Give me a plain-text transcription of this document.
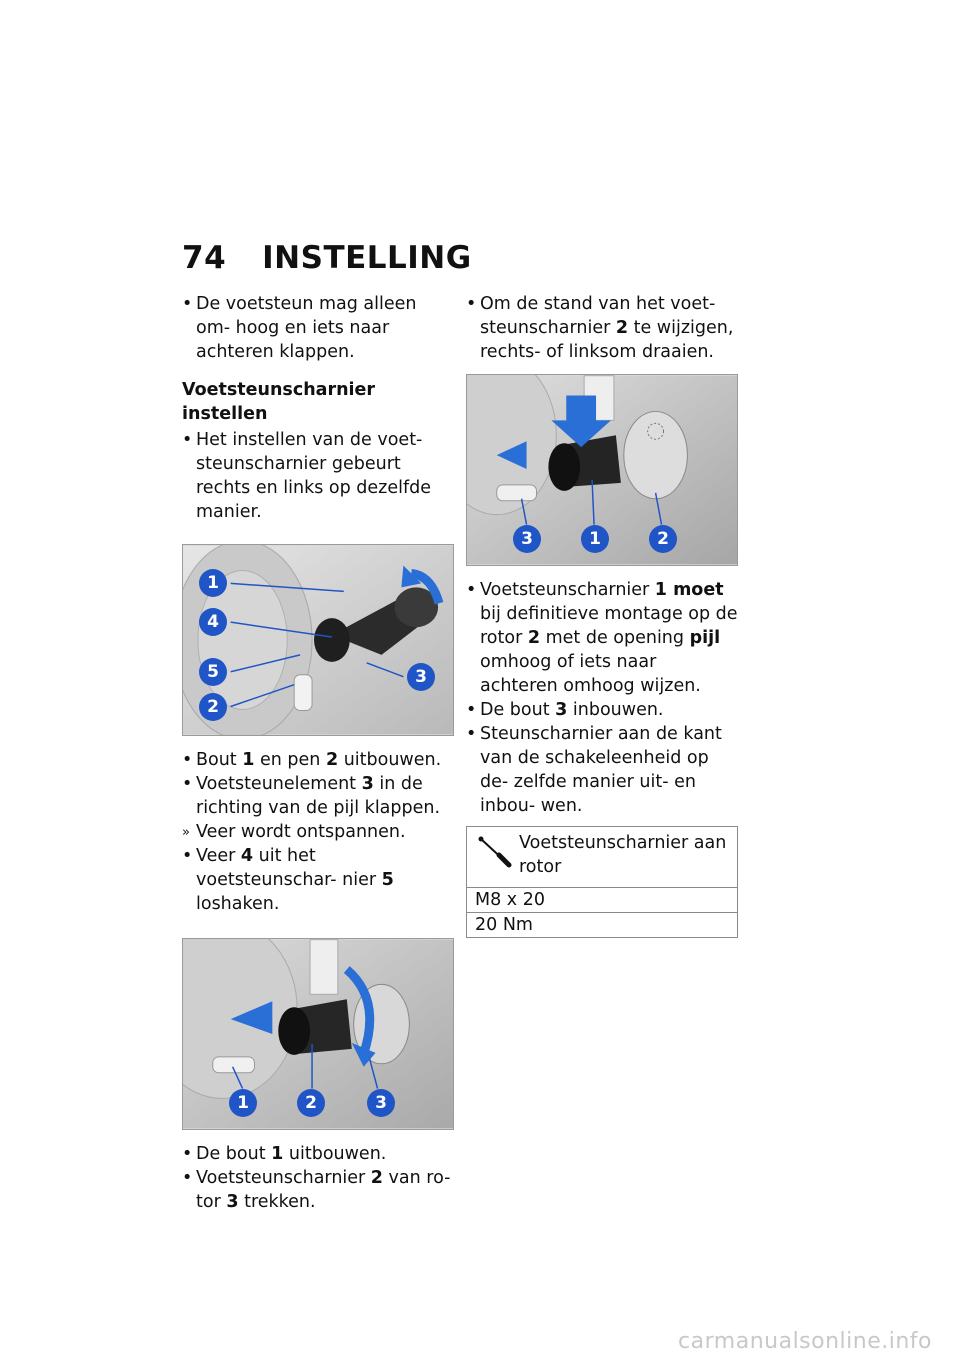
74 INSTELLING

• De voetsteun mag alleen om- hoog en iets naar achteren klappen.

Voetsteunscharnier instellen

• Het instellen van de voet- steunscharnier gebeurt rechts en links op dezelfde manier.

1
4
5
2
3

• Bout 1 en pen 2 uitbouwen.

• Voetsteunelement 3 in de richting van de pijl klappen.

» Veer wordt ontspannen.

• Veer 4 uit het voetsteunschar- nier 5 loshaken.

1	2	3

• De bout 1 uitbouwen.

• Voetsteunscharnier 2 van ro- tor 3 trekken.

• Om de stand van het voet- steunscharnier 2 te wijzigen, rechts- of linksom draaien.

3	1	2

• Voetsteunscharnier 1 moet bij definitieve montage op de rotor 2 met de opening pijl omhoog of iets naar achteren omhoog wijzen.

• De bout 3 inbouwen.

• Steunscharnier aan de kant van de schakeleenheid op de- zelfde manier uit- en inbou- wen.

Voetsteunscharnier aan rotor
M8 x 20
20 Nm
carmanualsonline.info
